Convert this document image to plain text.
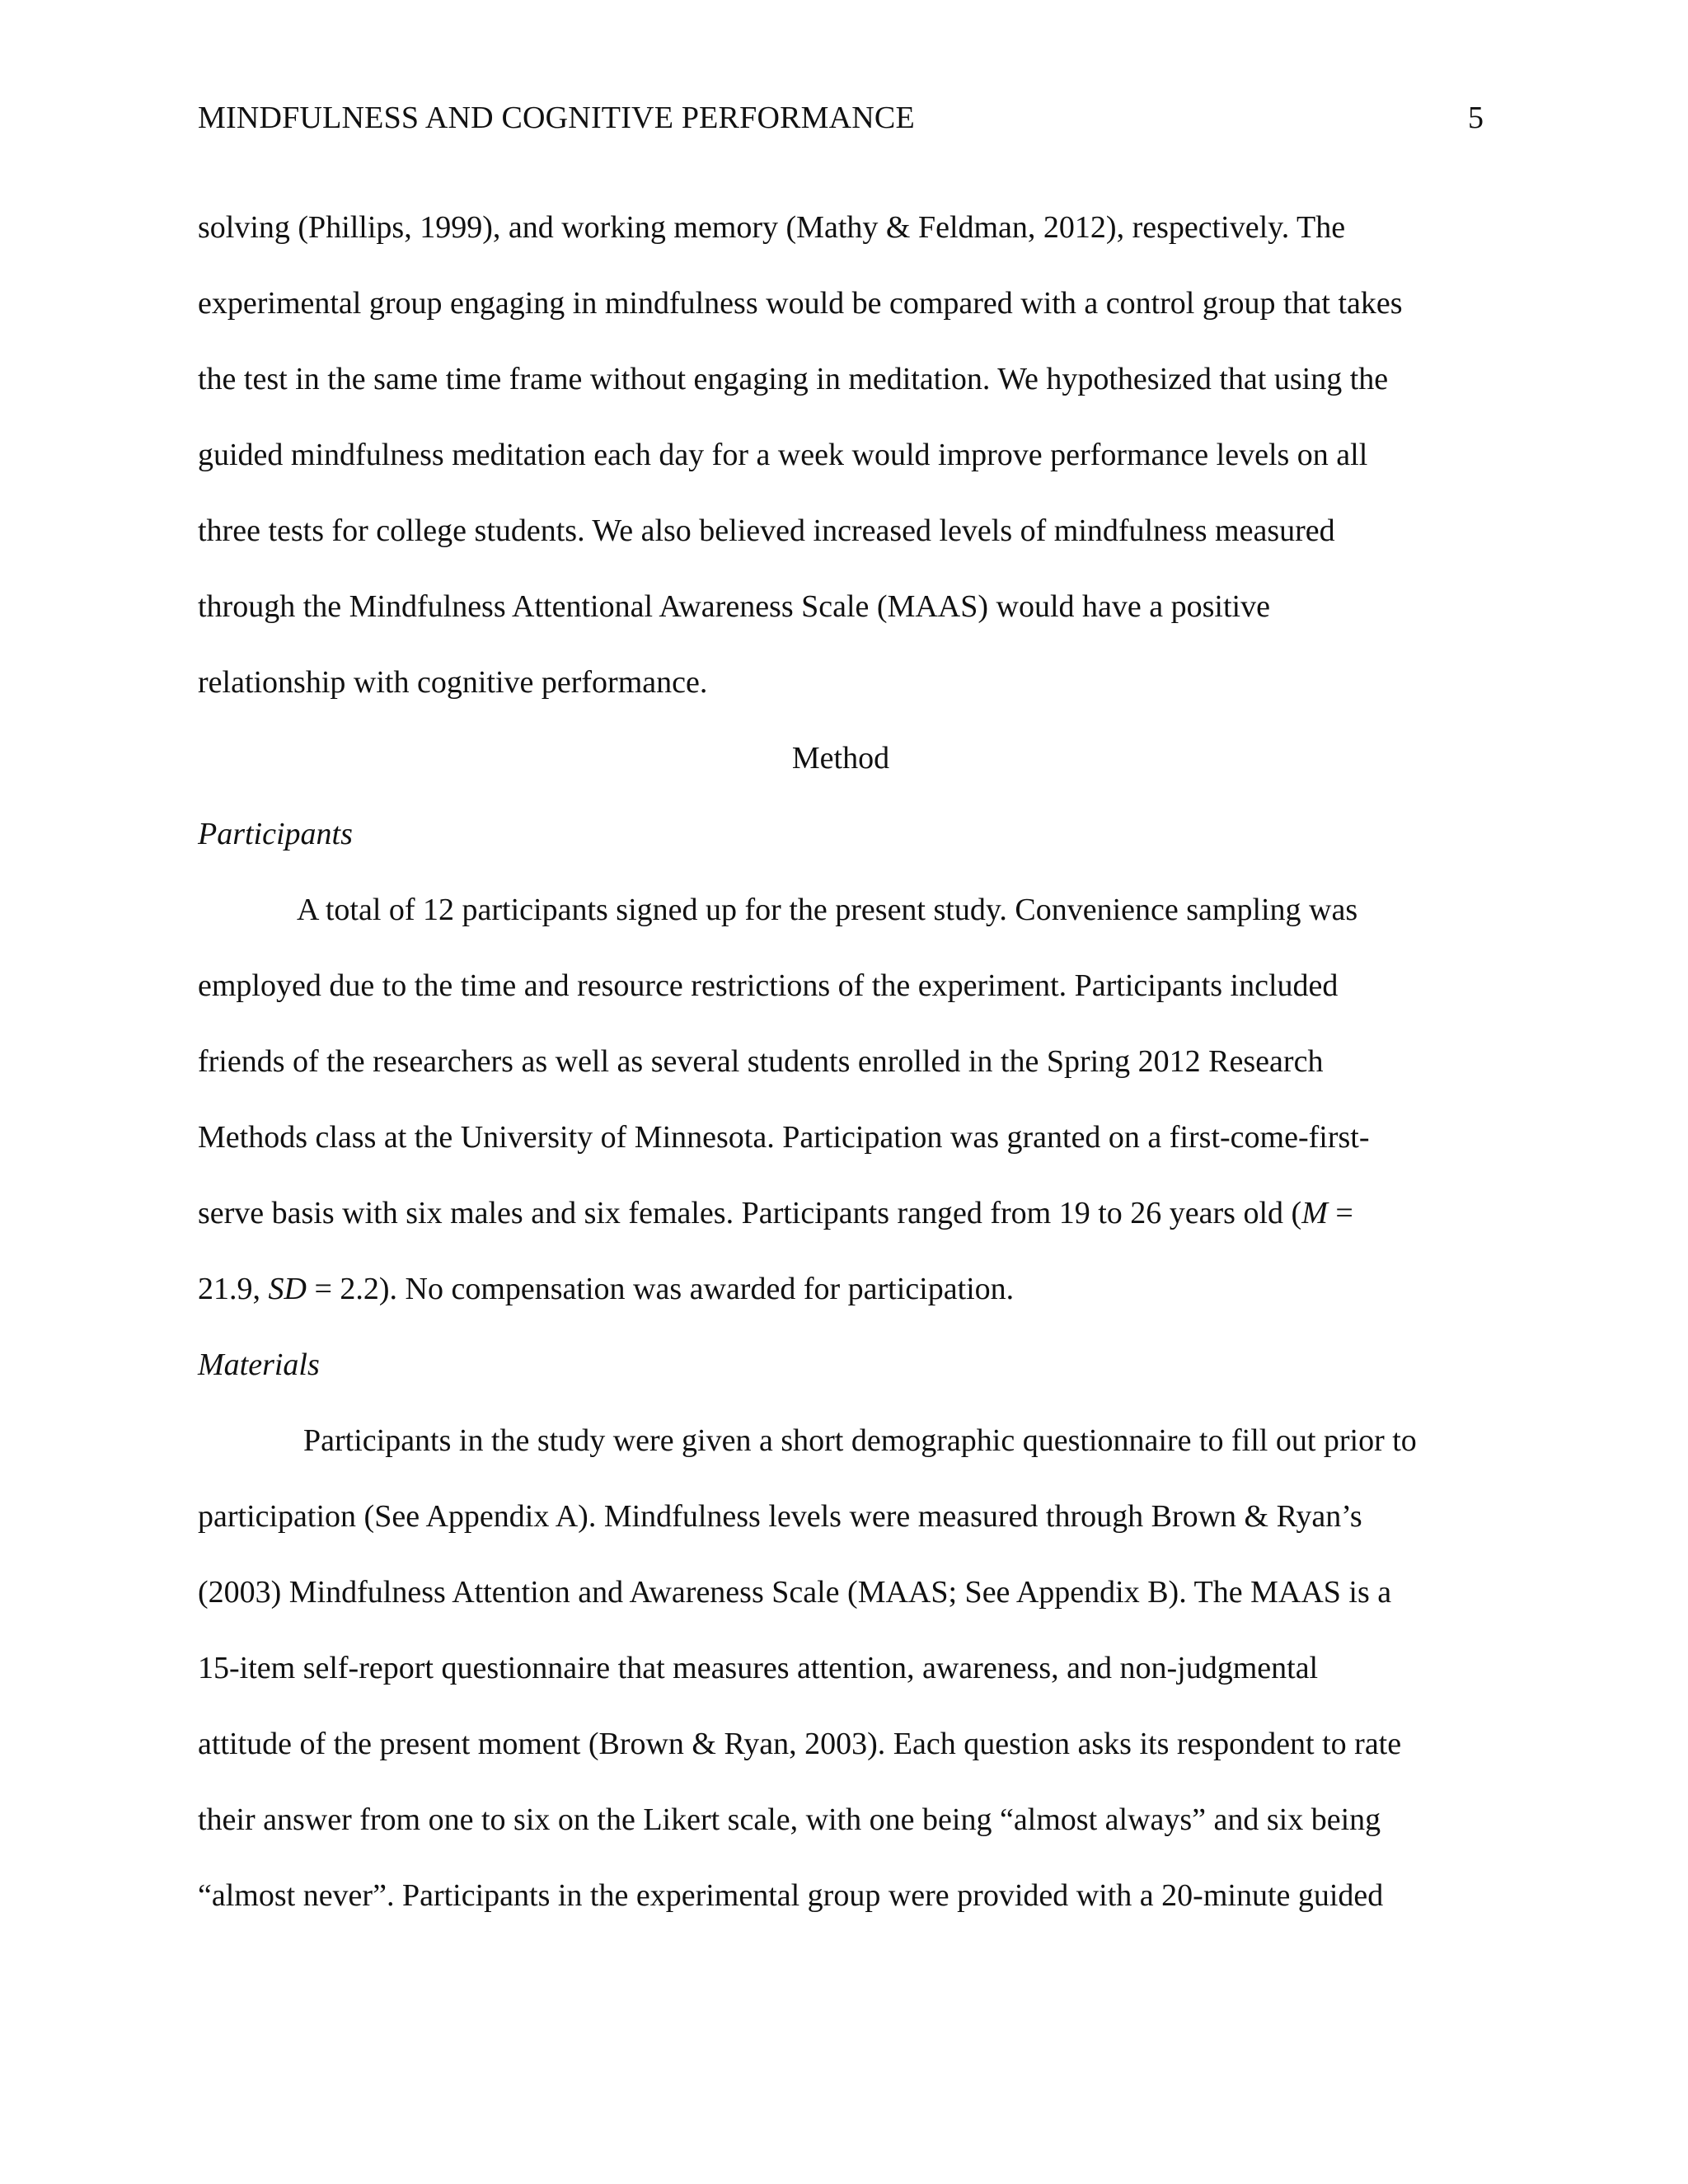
MINDFULNESS AND COGNITIVE PERFORMANCE	5
solving (Phillips, 1999), and working memory (Mathy & Feldman, 2012), respectively. The
experimental group engaging in mindfulness would be compared with a control group that takes
the test in the same time frame without engaging in meditation. We hypothesized that using the
guided mindfulness meditation each day for a week would improve performance levels on all
three tests for college students. We also believed increased levels of mindfulness measured
through the Mindfulness Attentional Awareness Scale (MAAS) would have a positive
relationship with cognitive performance.
Method
Participants
A total of 12 participants signed up for the present study. Convenience sampling was
employed due to the time and resource restrictions of the experiment. Participants included
friends of the researchers as well as several students enrolled in the Spring 2012 Research
Methods class at the University of Minnesota. Participation was granted on a first-come-first-
serve basis with six males and six females. Participants ranged from 19 to 26 years old (M =
21.9, SD = 2.2). No compensation was awarded for participation.
Materials
Participants in the study were given a short demographic questionnaire to fill out prior to
participation (See Appendix A). Mindfulness levels were measured through Brown & Ryan’s
(2003) Mindfulness Attention and Awareness Scale (MAAS; See Appendix B). The MAAS is a
15-item self-report questionnaire that measures attention, awareness, and non-judgmental
attitude of the present moment (Brown & Ryan, 2003). Each question asks its respondent to rate
their answer from one to six on the Likert scale, with one being “almost always” and six being
“almost never”. Participants in the experimental group were provided with a 20-minute guided
